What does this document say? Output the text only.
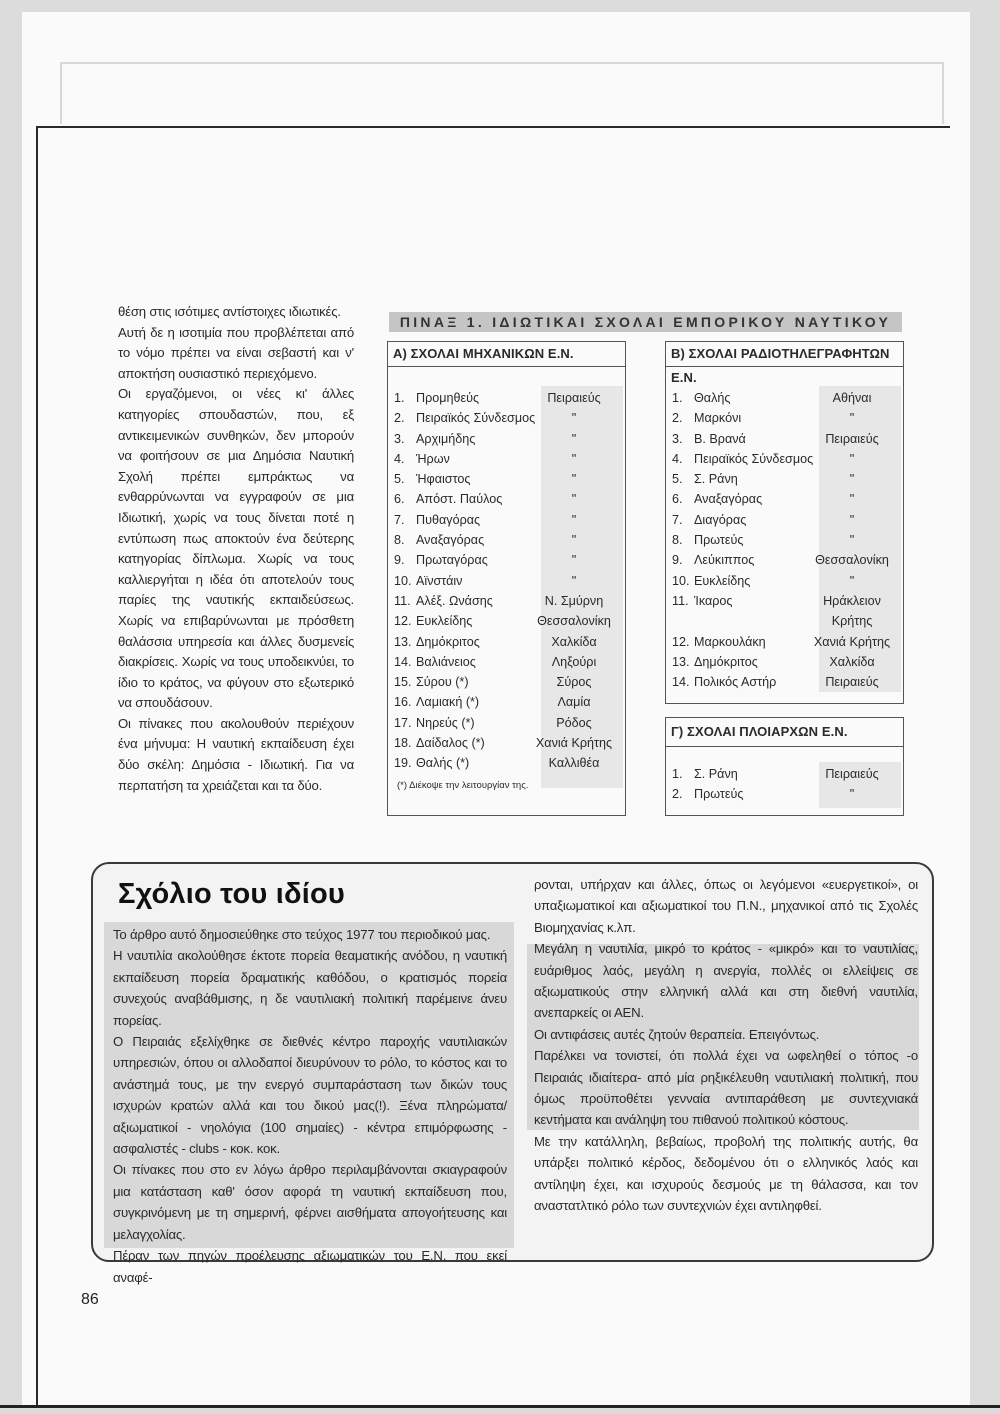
θέση στις ισότιμες αντίστοιχες ιδιωτικές.

Αυτή δε η ισοτιμία που προβλέπεται από το νόμο πρέπει να είναι σεβαστή και ν' αποκτήση ουσιαστικό περιεχόμενο.

Οι εργαζόμενοι, οι νέες κι' άλλες κατηγορίες σπουδαστών, που, εξ αντικειμενικών συνθηκών, δεν μπορούν να φοιτήσουν σε μια Δημόσια Ναυτική Σχολή πρέπει εμπράκτως να ενθαρρύνωνται να εγγραφούν σε μια Ιδιωτική, χωρίς να τους δίνεται ποτέ η εντύπωση πως αποκτούν ένα δεύτερης κατηγορίας δίπλωμα. Χωρίς να τους καλλιεργήται η ιδέα ότι αποτελούν τους παρίες της ναυτικής εκπαιδεύσεως. Χωρίς να επιβαρύνωνται με πρόσθετη θαλάσσια υπηρεσία και άλλες δυσμενείς διακρίσεις. Χωρίς να τους υποδεικνύει, το ίδιο το κράτος, να φύγουν στο εξωτερικό να σπουδάσουν.

Οι πίνακες που ακολουθούν περιέχουν ένα μήνυμα: Η ναυτική εκπαίδευση έχει δύο σκέλη: Δημόσια - Ιδιωτική. Για να περπατήση τα χρειάζεται και τα δύο.

ΠΙΝΑΞ 1. ΙΔΙΩΤΙΚΑΙ ΣΧΟΛΑΙ ΕΜΠΟΡΙΚΟΥ ΝΑΥΤΙΚΟΥ
Α) ΣΧΟΛΑΙ ΜΗΧΑΝΙΚΩΝ Ε.Ν.
1. Προμηθεύς	Πειραιεύς
2. Πειραϊκός Σύνδεσμος	"
3. Αρχιμήδης	"
4. Ήρων	"
5. Ήφαιστος	"
6. Απόστ. Παύλος	"
7. Πυθαγόρας	"
8. Αναξαγόρας	"
9. Πρωταγόρας	"
10. Αϊνστάιν	"
11. Αλέξ. Ωνάσης	Ν. Σμύρνη
12. Ευκλείδης	Θεσσαλονίκη
13. Δημόκριτος	Χαλκίδα
14. Βαλιάνειος	Ληξούρι
15. Σύρου (*)	Σύρος
16. Λαμιακή (*)	Λαμία
17. Νηρεύς (*)	Ρόδος
18. Δαίδαλος (*)	Χανιά Κρήτης
19. Θαλής (*)	Καλλιθέα
(*) Διέκοψε την λειτουργίαν της.
Β) ΣΧΟΛΑΙ ΡΑΔΙΟΤΗΛΕΓΡΑΦΗΤΩΝ Ε.Ν.
1. Θαλής	Αθήναι
2. Μαρκόνι	"
3. Β. Βρανά	Πειραιεύς
4. Πειραϊκός Σύνδεσμος	"
5. Σ. Ράνη	"
6. Αναξαγόρας	"
7. Διαγόρας	"
8. Πρωτεύς	"
9. Λεύκιππος	Θεσσαλονίκη
10. Ευκλείδης	"
11. Ίκαρος	Ηράκλειον
Κρήτης
12. Μαρκουλάκη	Χανιά Κρήτης
13. Δημόκριτος	Χαλκίδα
14. Πολικός Αστήρ	Πειραιεύς
Γ) ΣΧΟΛΑΙ ΠΛΟΙΑΡΧΩΝ Ε.Ν.
1. Σ. Ράνη	Πειραιεύς
2. Πρωτεύς	"
Σχόλιο του ιδίου

Το άρθρο αυτό δημοσιεύθηκε στο τεύχος 1977 του περιοδικού μας.

Η ναυτιλία ακολούθησε έκτοτε πορεία θεαματικής ανόδου, η ναυτική εκπαίδευση πορεία δραματικής καθόδου, ο κρατισμός πορεία συνεχούς αναβάθμισης, η δε ναυτιλιακή πολιτική παρέμεινε άνευ πορείας.

Ο Πειραιάς εξελίχθηκε σε διεθνές κέντρο παροχής ναυτιλιακών υπηρεσιών, όπου οι αλλοδαποί διευρύνουν το ρόλο, το κόστος και το ανάστημά τους, με την ενεργό συμπαράσταση των δικών τους ισχυρών κρατών αλλά και του δικού μας(!). Ξένα πληρώματα/αξιωματικοί - νηολόγια (100 σημαίες) - κέντρα επιμόρφωσης - ασφαλιστές - clubs - κοκ. κοκ.

Οι πίνακες που στο εν λόγω άρθρο περιλαμβάνονται σκιαγραφούν μια κατάσταση καθ' όσον αφορά τη ναυτική εκπαίδευση που, συγκρινόμενη με τη σημερινή, φέρνει αισθήματα απογοήτευσης και μελαγχολίας.

Πέραν των πηγών προέλευσης αξιωματικών του Ε.Ν. που εκεί αναφέ-

ρονται, υπήρχαν και άλλες, όπως οι λεγόμενοι «ευεργετικοί», οι υπαξιωματικοί και αξιωματικοί του Π.Ν., μηχανικοί από τις Σχολές Βιομηχανίας κ.λπ.

Μεγάλη η ναυτιλία, μικρό το κράτος - «μικρό» και το ναυτιλίας, ευάριθμος λαός, μεγάλη η ανεργία, πολλές οι ελλείψεις σε αξιωματικούς στην ελληνική αλλά και στη διεθνή ναυτιλία, ανεπαρκείς οι ΑΕΝ.

Οι αντιφάσεις αυτές ζητούν θεραπεία. Επειγόντως.

Παρέλκει να τονιστεί, ότι πολλά έχει να ωφεληθεί ο τόπος -ο Πειραιάς ιδιαίτερα- από μία ρηξικέλευθη ναυτιλιακή πολιτική, που όμως προϋποθέτει γενναία αντιπαράθεση με συντεχνιακά κεντήματα και ανάληψη του πιθανού πολιτικού κόστους.

Με την κατάλληλη, βεβαίως, προβολή της πολιτικής αυτής, θα υπάρξει πολιτικό κέρδος, δεδομένου ότι ο ελληνικός λαός και αντίληψη έχει, και ισχυρούς δεσμούς με τη θάλασσα, και τον αναστατλτικό ρόλο των συντεχνιών έχει αντιληφθεί.

86
